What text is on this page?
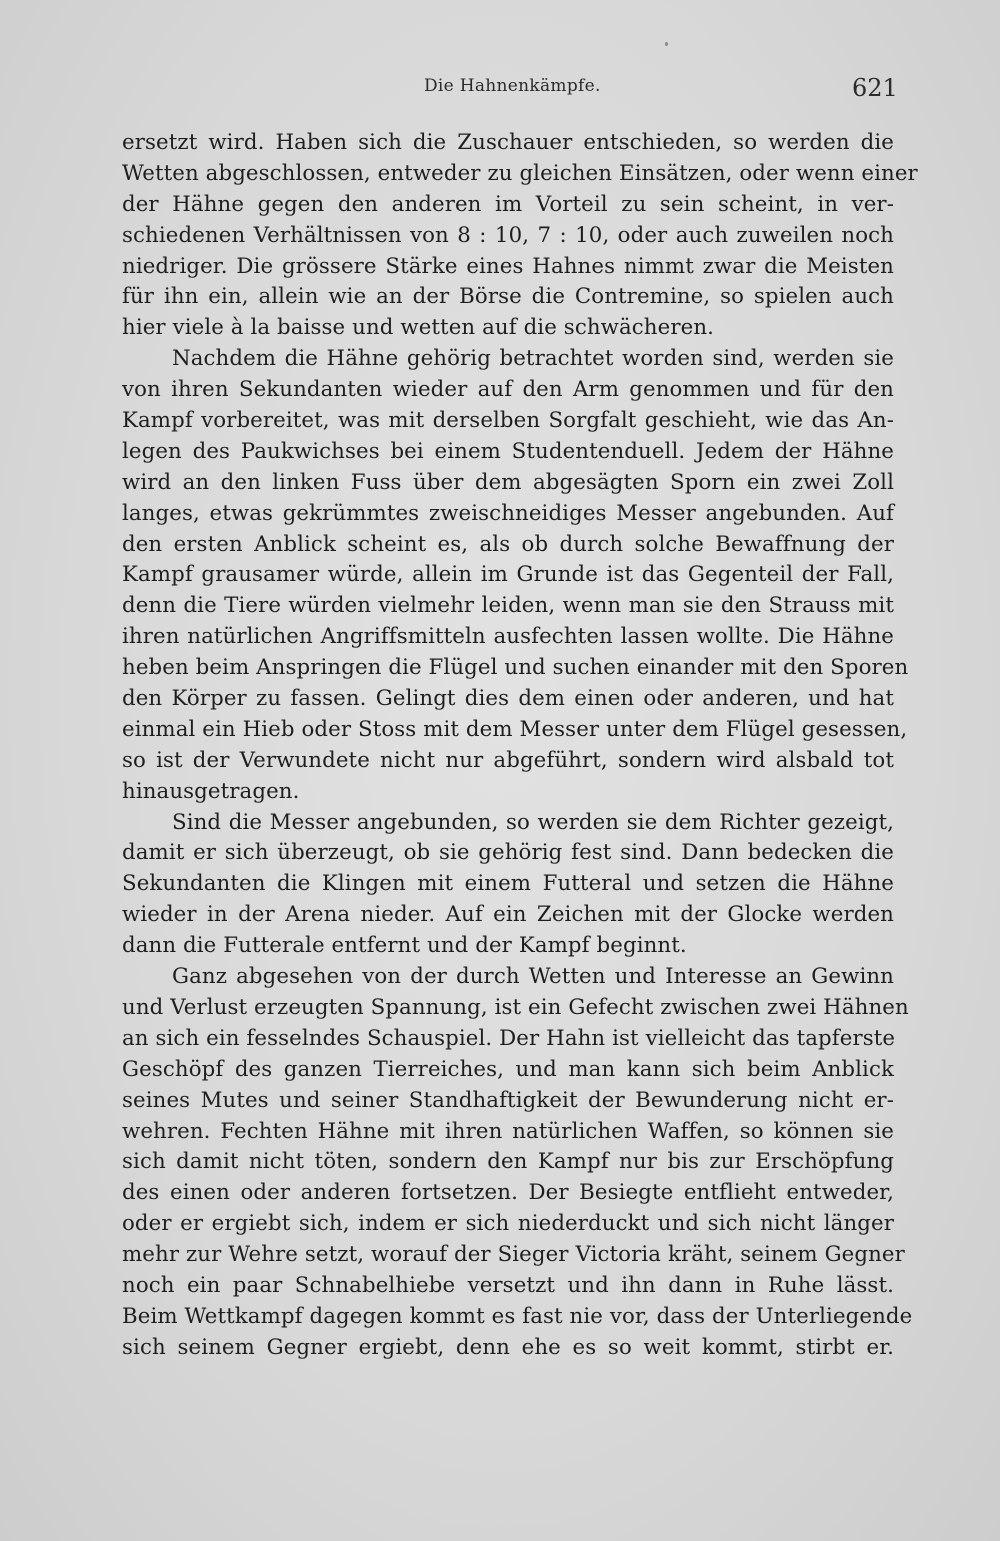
Die Hahnenkämpfe.	621
ersetzt wird. Haben sich die Zuschauer entschieden, so werden die
Wetten abgeschlossen, entweder zu gleichen Einsätzen, oder wenn einer
der Hähne gegen den anderen im Vorteil zu sein scheint, in ver-
schiedenen Verhältnissen von 8 : 10, 7 : 10, oder auch zuweilen noch
niedriger. Die grössere Stärke eines Hahnes nimmt zwar die Meisten
für ihn ein, allein wie an der Börse die Contremine, so spielen auch
hier viele à la baisse und wetten auf die schwächeren.
Nachdem die Hähne gehörig betrachtet worden sind, werden sie
von ihren Sekundanten wieder auf den Arm genommen und für den
Kampf vorbereitet, was mit derselben Sorgfalt geschieht, wie das An-
legen des Paukwichses bei einem Studentenduell. Jedem der Hähne
wird an den linken Fuss über dem abgesägten Sporn ein zwei Zoll
langes, etwas gekrümmtes zweischneidiges Messer angebunden. Auf
den ersten Anblick scheint es, als ob durch solche Bewaffnung der
Kampf grausamer würde, allein im Grunde ist das Gegenteil der Fall,
denn die Tiere würden vielmehr leiden, wenn man sie den Strauss mit
ihren natürlichen Angriffsmitteln ausfechten lassen wollte. Die Hähne
heben beim Anspringen die Flügel und suchen einander mit den Sporen
den Körper zu fassen. Gelingt dies dem einen oder anderen, und hat
einmal ein Hieb oder Stoss mit dem Messer unter dem Flügel gesessen,
so ist der Verwundete nicht nur abgeführt, sondern wird alsbald tot
hinausgetragen.
Sind die Messer angebunden, so werden sie dem Richter gezeigt,
damit er sich überzeugt, ob sie gehörig fest sind. Dann bedecken die
Sekundanten die Klingen mit einem Futteral und setzen die Hähne
wieder in der Arena nieder. Auf ein Zeichen mit der Glocke werden
dann die Futterale entfernt und der Kampf beginnt.
Ganz abgesehen von der durch Wetten und Interesse an Gewinn
und Verlust erzeugten Spannung, ist ein Gefecht zwischen zwei Hähnen
an sich ein fesselndes Schauspiel. Der Hahn ist vielleicht das tapferste
Geschöpf des ganzen Tierreiches, und man kann sich beim Anblick
seines Mutes und seiner Standhaftigkeit der Bewunderung nicht er-
wehren. Fechten Hähne mit ihren natürlichen Waffen, so können sie
sich damit nicht töten, sondern den Kampf nur bis zur Erschöpfung
des einen oder anderen fortsetzen. Der Besiegte entflieht entweder,
oder er ergiebt sich, indem er sich niederduckt und sich nicht länger
mehr zur Wehre setzt, worauf der Sieger Victoria kräht, seinem Gegner
noch ein paar Schnabelhiebe versetzt und ihn dann in Ruhe lässt.
Beim Wettkampf dagegen kommt es fast nie vor, dass der Unterliegende
sich seinem Gegner ergiebt, denn ehe es so weit kommt, stirbt er.
